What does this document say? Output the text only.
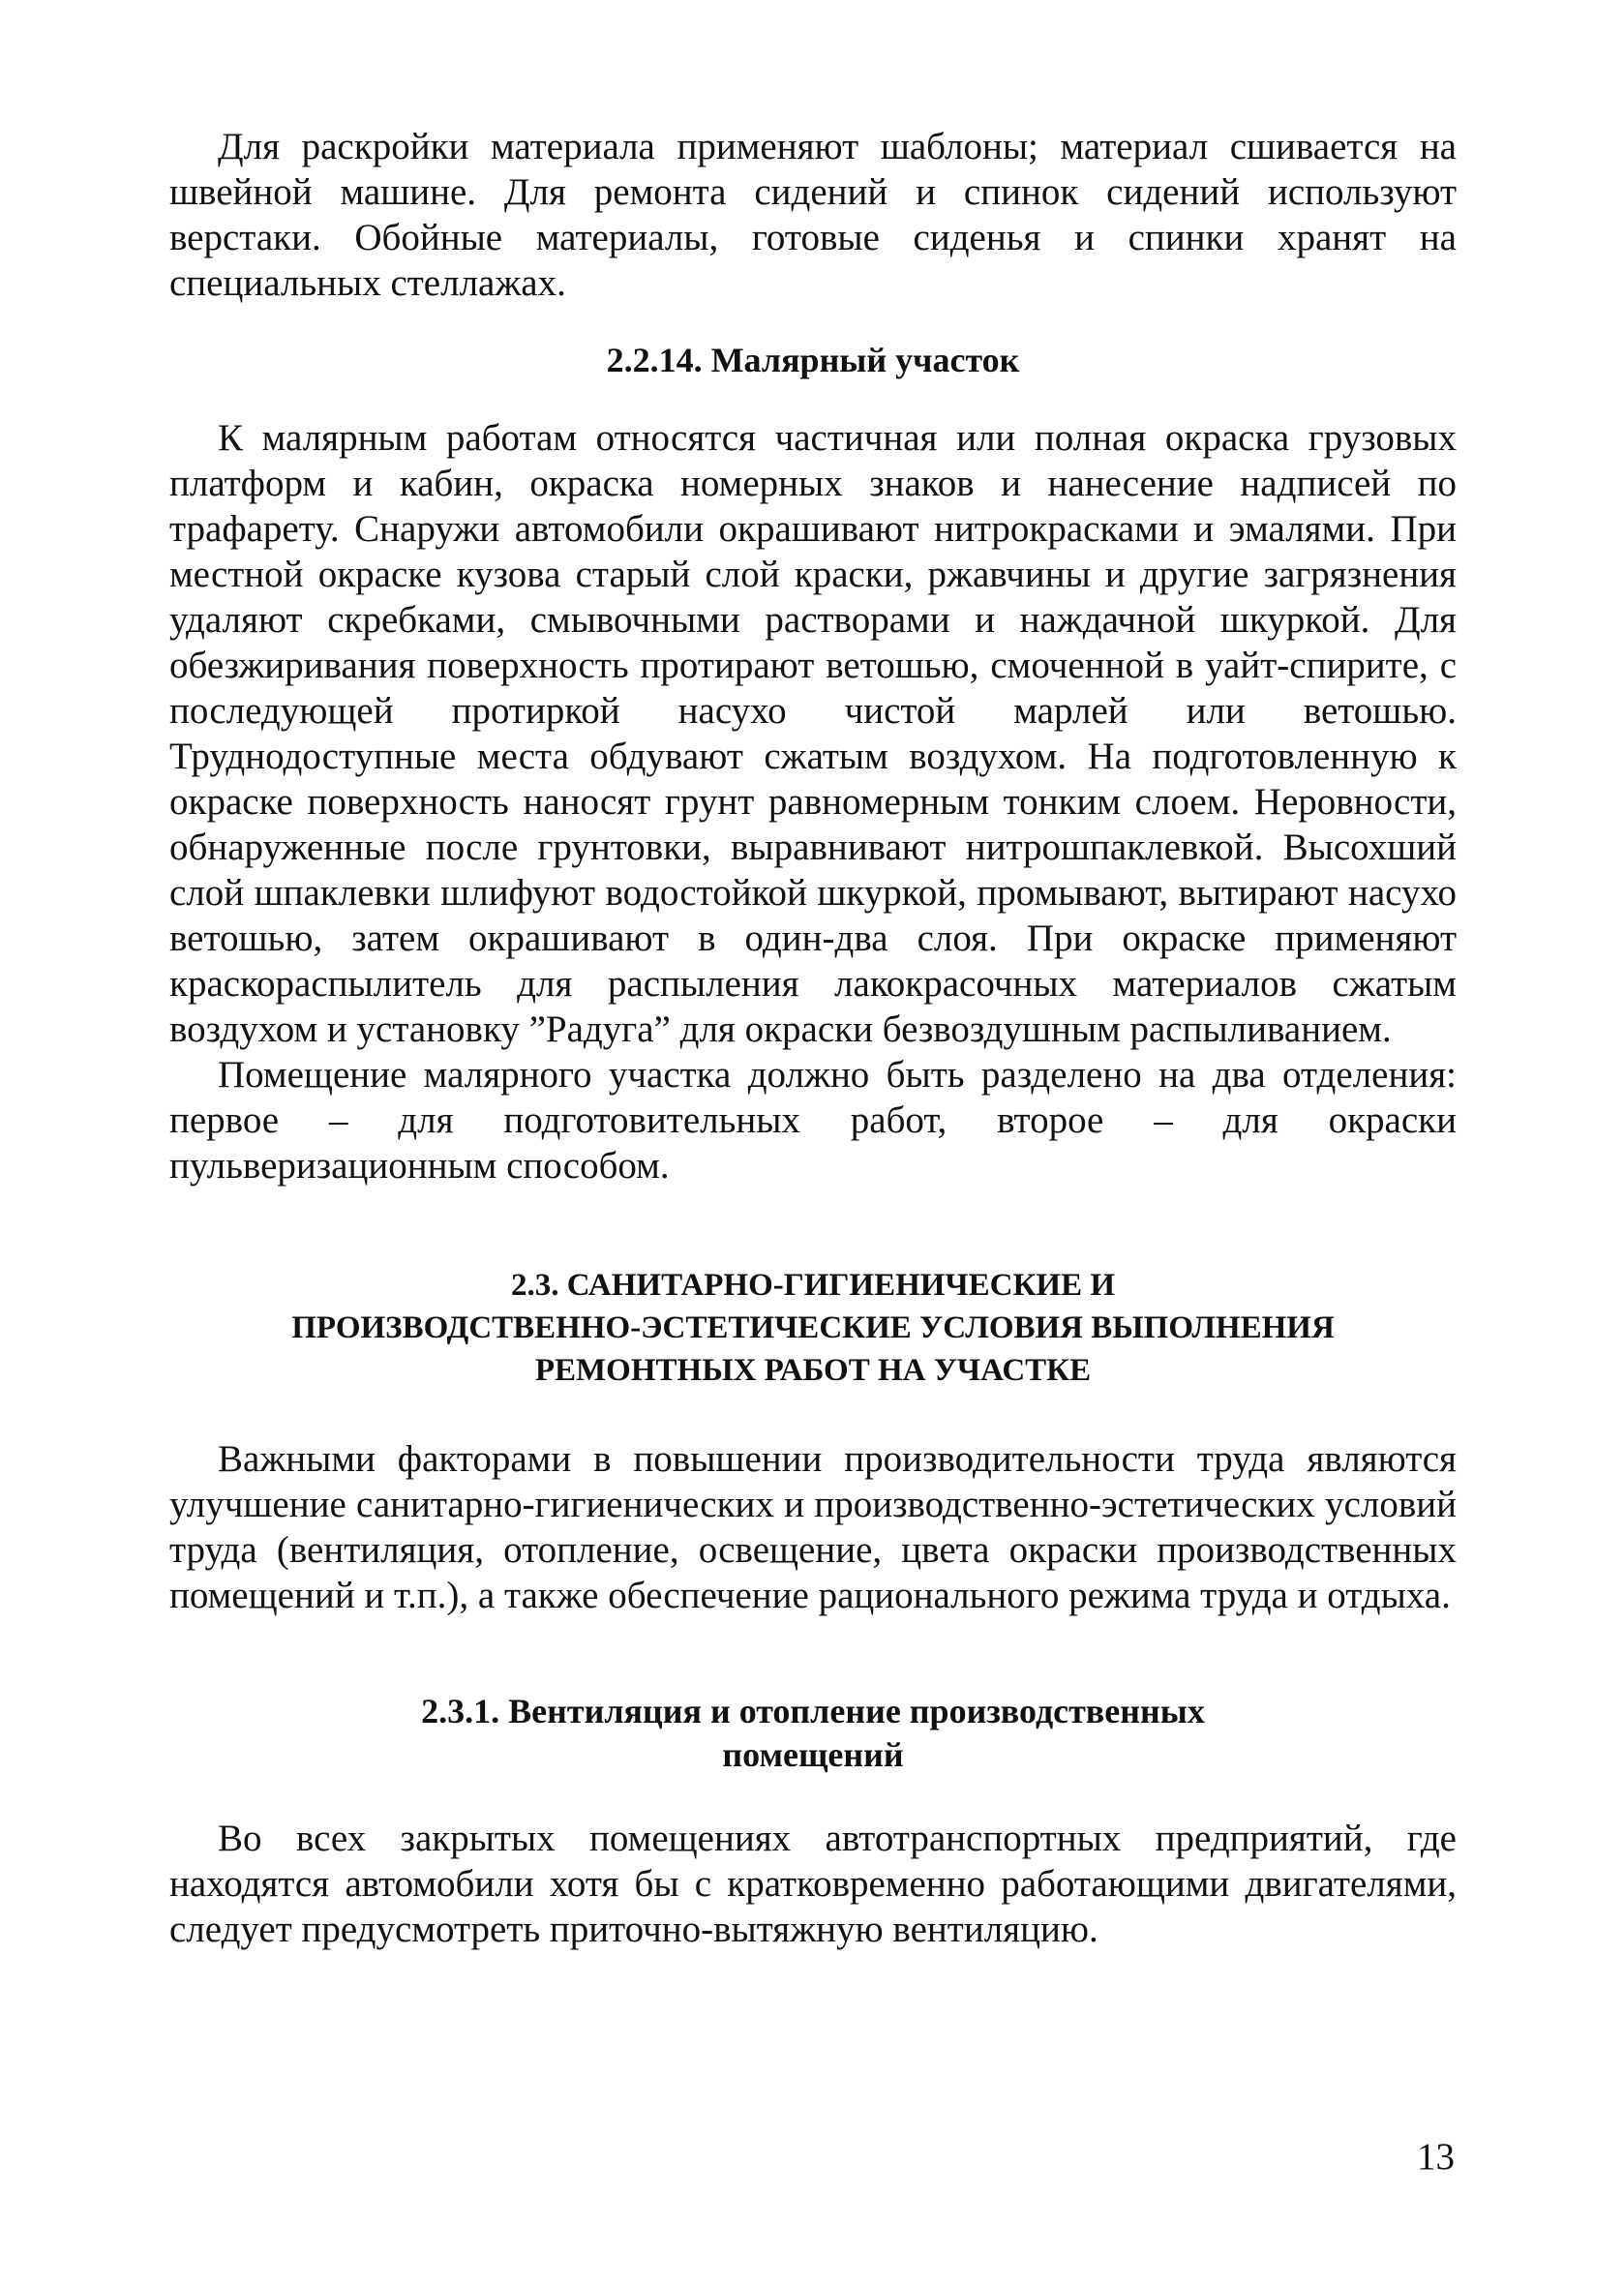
Для раскройки материала применяют шаблоны; материал сшивается на швейной машине. Для ремонта сидений и спинок сидений используют верстаки. Обойные материалы, готовые сиденья и спинки хранят на специальных стеллажах.

2.2.14. Малярный участок

К малярным работам относятся частичная или полная окраска грузовых платформ и кабин, окраска номерных знаков и нанесение надписей по трафарету. Снаружи автомобили окрашивают нитрокрасками и эмалями. При местной окраске кузова старый слой краски, ржавчины и другие загрязнения удаляют скребками, смывочными растворами и наждачной шкуркой. Для обезжиривания поверхность протирают ветошью, смоченной в уайт-спирите, с последующей протиркой насухо чистой марлей или ветошью. Труднодоступные места обдувают сжатым воздухом. На подготовленную к окраске поверхность наносят грунт равномерным тонким слоем. Неровности, обнаруженные после грунтовки, выравнивают нитрошпаклевкой. Высохший слой шпаклевки шлифуют водостойкой шкуркой, промывают, вытирают насухо ветошью, затем окрашивают в один-два слоя. При окраске применяют краскораспылитель для распыления лакокрасочных материалов сжатым воздухом и установку ”Радуга” для окраски безвоздушным распыливанием.

Помещение малярного участка должно быть разделено на два отделения: первое – для подготовительных работ, второе – для окраски пульверизационным способом.

2.3. САНИТАРНО-ГИГИЕНИЧЕСКИЕ И
ПРОИЗВОДСТВЕННО-ЭСТЕТИЧЕСКИЕ УСЛОВИЯ ВЫПОЛНЕНИЯ
РЕМОНТНЫХ РАБОТ НА УЧАСТКЕ

Важными факторами в повышении производительности труда являются улучшение санитарно-гигиенических и производственно-эстетических условий труда (вентиляция, отопление, освещение, цвета окраски производственных помещений и т.п.), а также обеспечение рационального режима труда и отдыха.

2.3.1. Вентиляция и отопление производственных
помещений

Во всех закрытых помещениях автотранспортных предприятий, где находятся автомобили хотя бы с кратковременно работающими двигателями, следует предусмотреть приточно-вытяжную вентиляцию.

13
